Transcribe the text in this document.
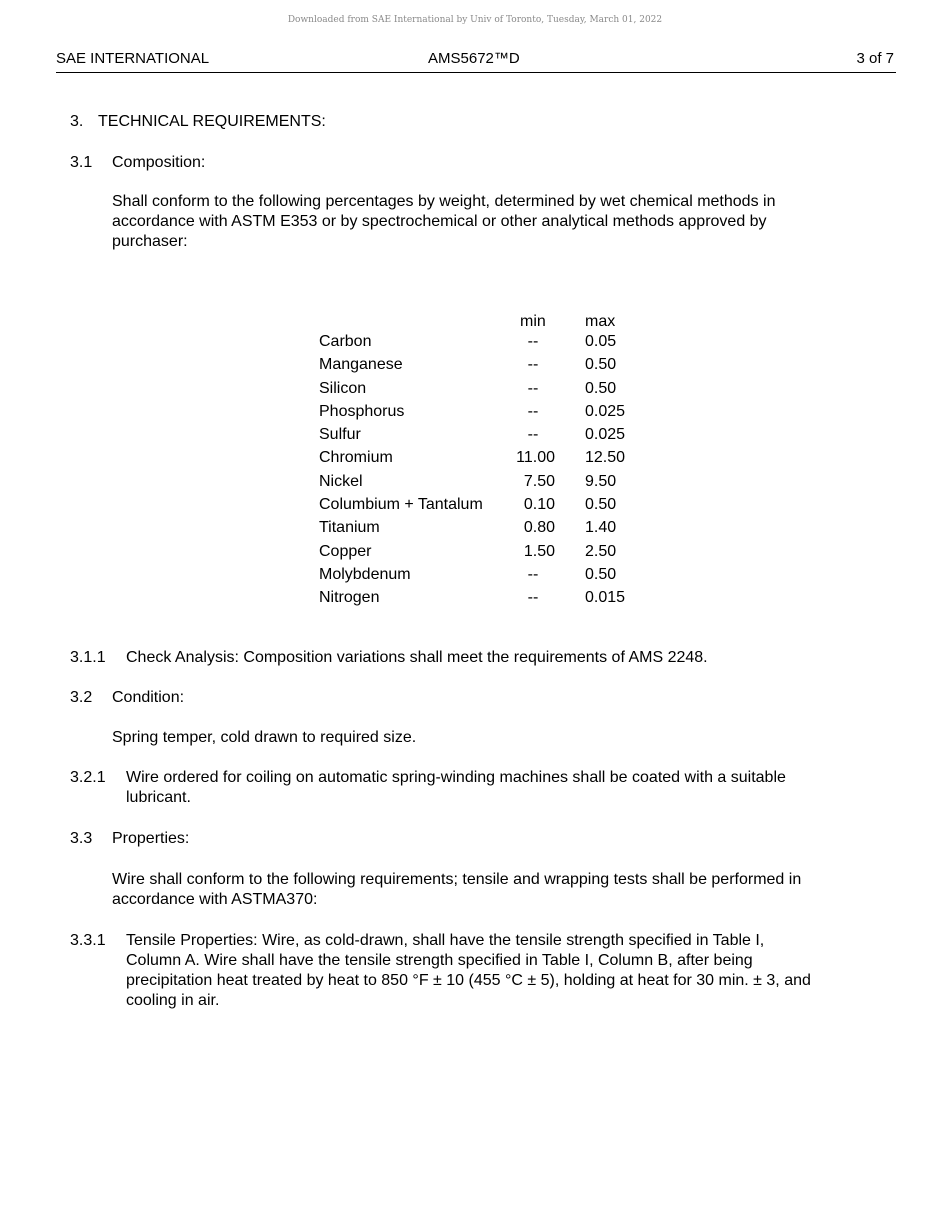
Downloaded from SAE International by Univ of Toronto, Tuesday, March 01, 2022
SAE INTERNATIONAL	AMS5672™D	3 of 7
3. TECHNICAL REQUIREMENTS:
3.1 Composition:
Shall conform to the following percentages by weight, determined by wet chemical methods in
accordance with ASTM E353 or by spectrochemical or other analytical methods approved by
purchaser:
min max
Carbon	--	0.05
Manganese	--	0.50
Silicon	--	0.50
Phosphorus	--	0.025
Sulfur	--	0.025
Chromium	11.00 12.50
Nickel	7.50 9.50
Columbium + Tantalum	0.10 0.50
Titanium	0.80 1.40
Copper	1.50 2.50
Molybdenum	--	0.50
Nitrogen	--	0.015
3.1.1 Check Analysis: Composition variations shall meet the requirements of AMS 2248.
3.2 Condition:
Spring temper, cold drawn to required size.
3.2.1 Wire ordered for coiling on automatic spring-winding machines shall be coated with a suitable
lubricant.
3.3 Properties:
Wire shall conform to the following requirements; tensile and wrapping tests shall be performed in
accordance with ASTMA370:
3.3.1 Tensile Properties: Wire, as cold-drawn, shall have the tensile strength specified in Table I,
Column A. Wire shall have the tensile strength specified in Table I, Column B, after being
precipitation heat treated by heat to 850 °F ± 10 (455 °C ± 5), holding at heat for 30 min. ± 3, and
cooling in air.
